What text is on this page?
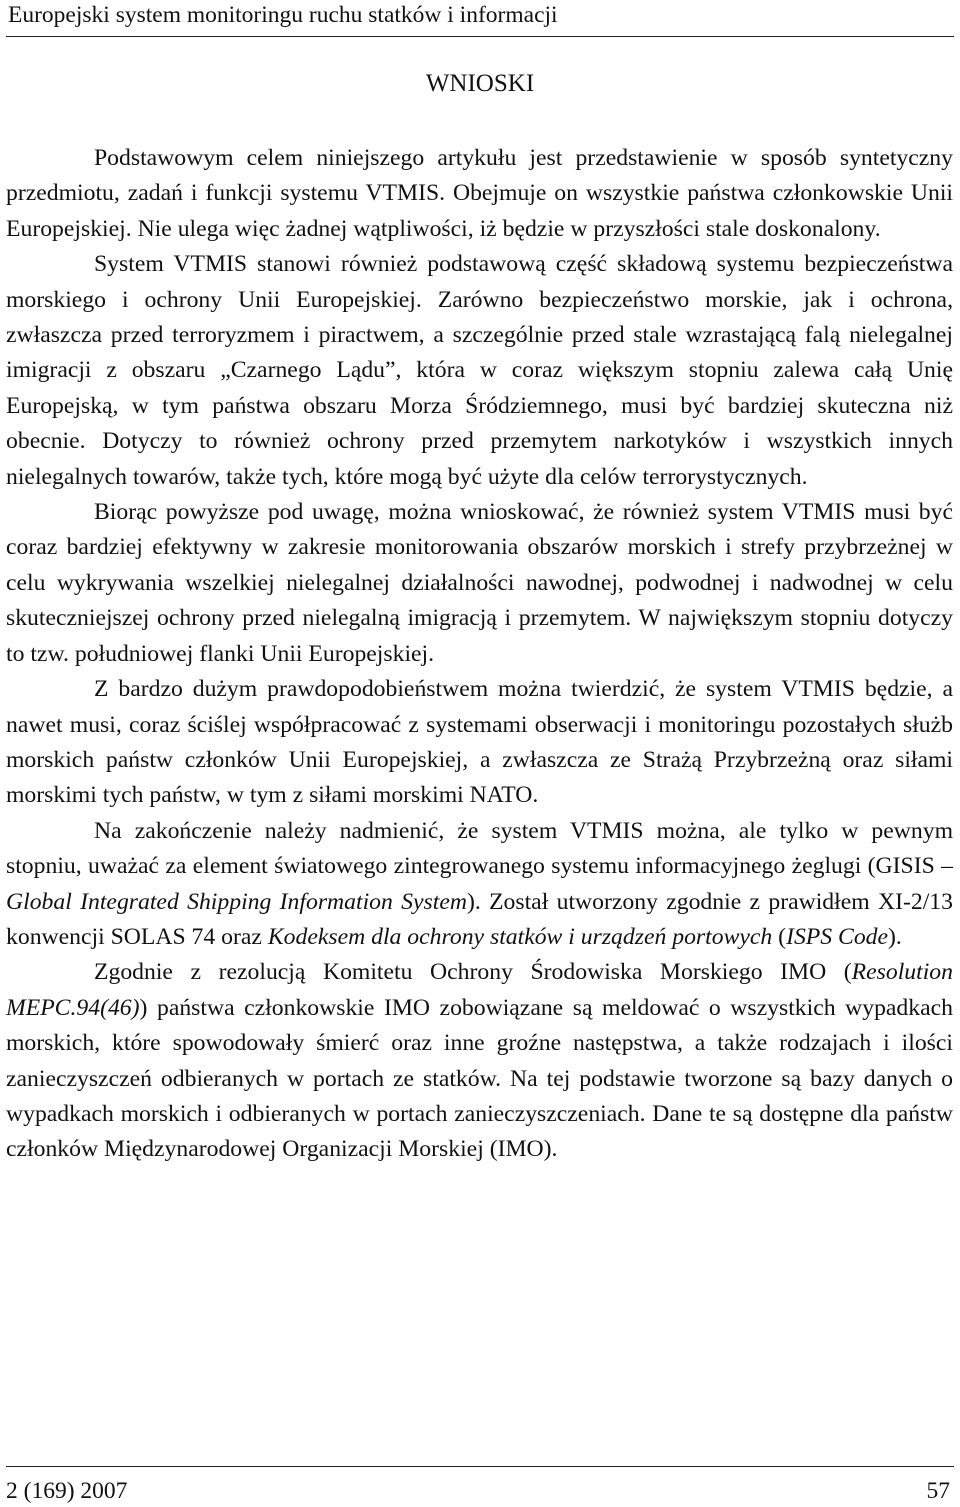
Europejski system monitoringu ruchu statków i informacji
WNIOSKI

Podstawowym celem niniejszego artykułu jest przedstawienie w sposób syntetyczny przedmiotu, zadań i funkcji systemu VTMIS. Obejmuje on wszystkie państwa członkowskie Unii Europejskiej. Nie ulega więc żadnej wątpliwości, iż będzie w przyszłości stale doskonalony.

System VTMIS stanowi również podstawową część składową systemu bezpieczeństwa morskiego i ochrony Unii Europejskiej. Zarówno bezpieczeństwo morskie, jak i ochrona, zwłaszcza przed terroryzmem i piractwem, a szczególnie przed stale wzrastającą falą nielegalnej imigracji z obszaru „Czarnego Lądu”, która w coraz większym stopniu zalewa całą Unię Europejską, w tym państwa obszaru Morza Śródziemnego, musi być bardziej skuteczna niż obecnie. Dotyczy to również ochrony przed przemytem narkotyków i wszystkich innych nielegalnych towarów, także tych, które mogą być użyte dla celów terrorystycznych.

Biorąc powyższe pod uwagę, można wnioskować, że również system VTMIS musi być coraz bardziej efektywny w zakresie monitorowania obszarów morskich i strefy przybrzeżnej w celu wykrywania wszelkiej nielegalnej działalności nawodnej, podwodnej i nadwodnej w celu skuteczniejszej ochrony przed nielegalną imigracją i przemytem. W największym stopniu dotyczy to tzw. południowej flanki Unii Europejskiej.

Z bardzo dużym prawdopodobieństwem można twierdzić, że system VTMIS będzie, a nawet musi, coraz ściślej współpracować z systemami obserwacji i monitoringu pozostałych służb morskich państw członków Unii Europejskiej, a zwłaszcza ze Strażą Przybrzeżną oraz siłami morskimi tych państw, w tym z siłami morskimi NATO.

Na zakończenie należy nadmienić, że system VTMIS można, ale tylko w pewnym stopniu, uważać za element światowego zintegrowanego systemu informacyjnego żeglugi (GISIS – Global Integrated Shipping Information System). Został utworzony zgodnie z prawidłem XI-2/13 konwencji SOLAS 74 oraz Kodeksem dla ochrony statków i urządzeń portowych (ISPS Code).

Zgodnie z rezolucją Komitetu Ochrony Środowiska Morskiego IMO (Resolution MEPC.94(46)) państwa członkowskie IMO zobowiązane są meldować o wszystkich wypadkach morskich, które spowodowały śmierć oraz inne groźne następstwa, a także rodzajach i ilości zanieczyszczeń odbieranych w portach ze statków. Na tej podstawie tworzone są bazy danych o wypadkach morskich i odbieranych w portach zanieczyszczeniach. Dane te są dostępne dla państw członków Międzynarodowej Organizacji Morskiej (IMO).

2 (169) 2007	57
